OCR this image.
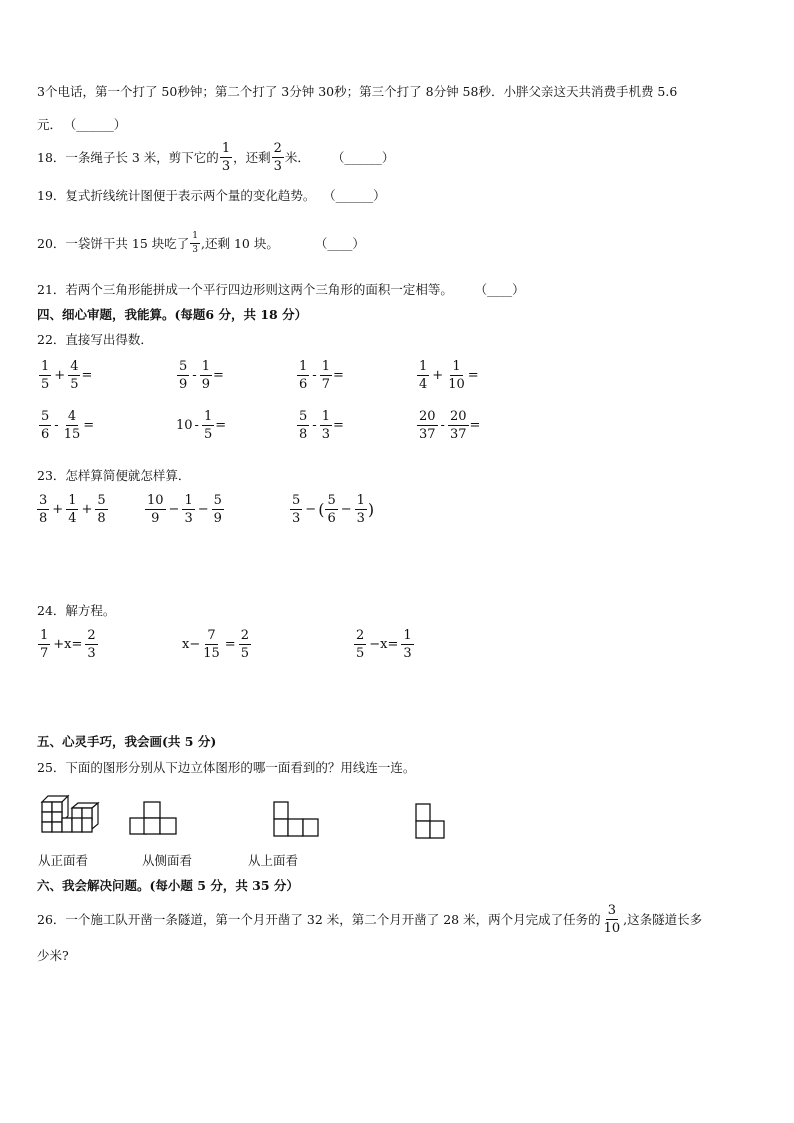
3个电话，第一个打了 50秒钟；第二个打了 3分钟 30秒；第三个打了 8分钟 58秒．小胖父亲这天共消费手机费 5.6
元． （______）
18．一条绳子长 3 米，剪下它的 $\frac{1}{3}$ ，还剩 $\frac{2}{3}$ 米． （______）
19．复式折线统计图便于表示两个量的变化趋势。 （______）
20．一袋饼干共 15 块吃了 $\frac{1}{3}$ ,还剩 10 块。	（____）
21．若两个三角形能拼成一个平行四边形则这两个三角形的面积一定相等。 （____）
四、细心审题，我能算。(每题6 分，共 18 分）
22．直接写出得数．
$\frac{1}{5} + \frac{4}{5}$ =	$\frac{5}{9} - \frac{1}{9}$ =	$\frac{1}{6} - \frac{1}{7}$ =	$\frac{1}{4} + \frac{1}{10}$ =
$\frac{5}{6} - \frac{4}{15}$ =	$10 - \frac{1}{5}$ =	$\frac{5}{8} - \frac{1}{3}$ =	$\frac{20}{37} - \frac{20}{37}$ =
23．怎样算简便就怎样算．
$\frac{3}{8} + \frac{1}{4} + \frac{5}{8}$	$\frac{10}{9} - \frac{1}{3} - \frac{5}{9}$	$\frac{5}{3}$ − ( $\frac{5}{6} - \frac{1}{3}$ )
24．解方程。
$\frac{1}{7} +x= \frac{2}{3}$	$x- \frac{7}{15} = \frac{2}{5}$	$\frac{2}{5} -x= \frac{1}{3}$
五、心灵手巧，我会画(共 5 分)
25．下面的图形分别从下边立体图形的哪一面看到的？用线连一连。
从正面看	从侧面看	从上面看
六、我会解决问题。(每小题 5 分，共 35 分）
26．一个施工队开凿一条隧道，第一个月开凿了 32 米，第二个月开凿了 28 米，两个月完成了任务的 $\frac{3}{10}$ ,这条隧道长多
少米?
